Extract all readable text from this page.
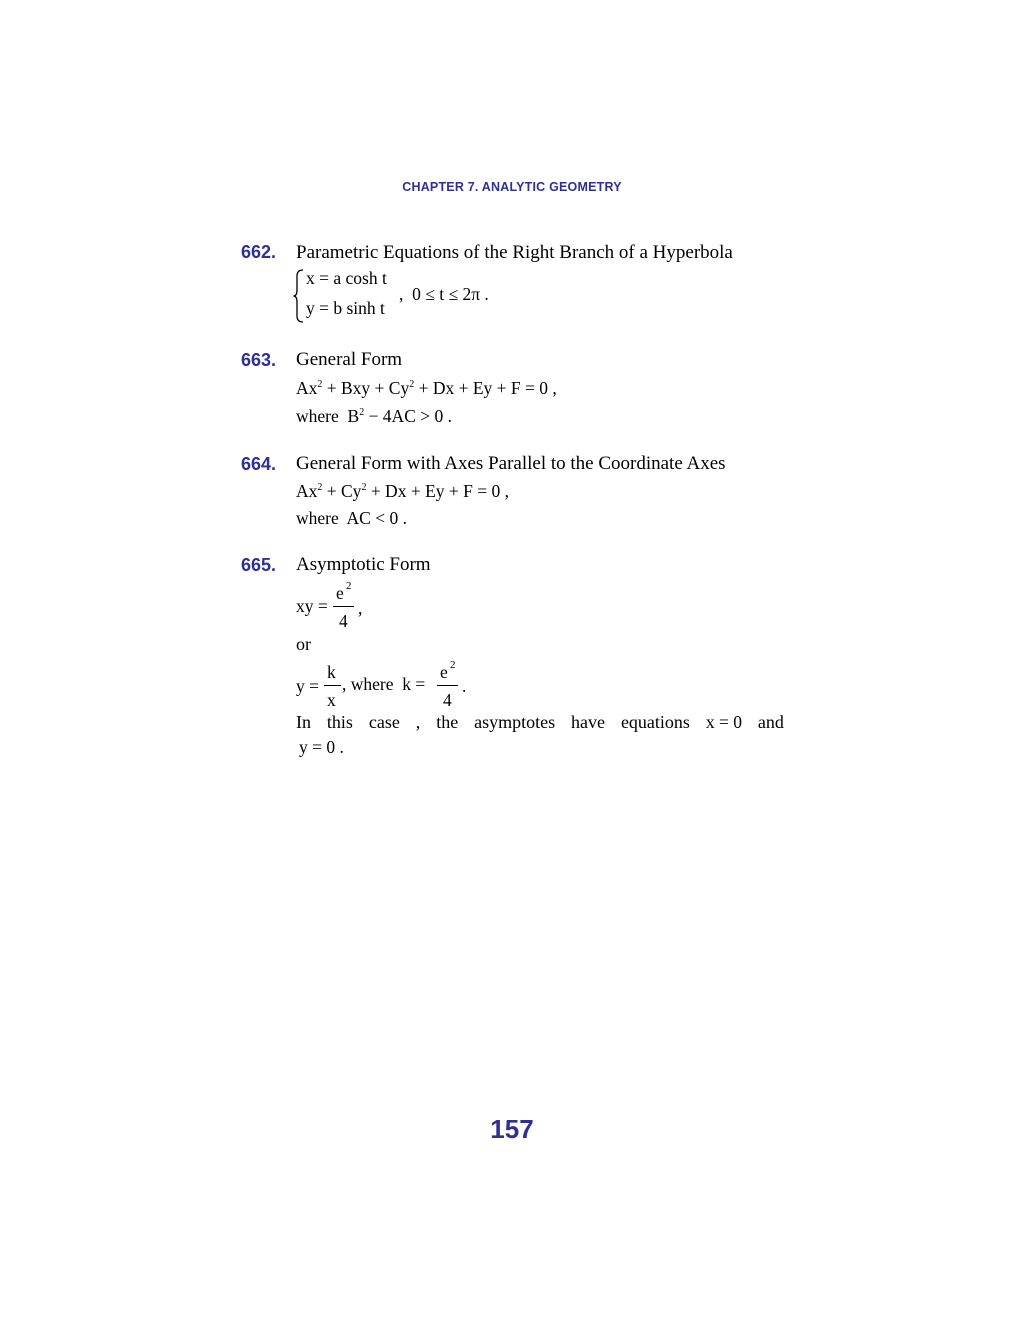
CHAPTER 7. ANALYTIC GEOMETRY
662. Parametric Equations of the Right Branch of a Hyperbola
x = a cosh t
y = b sinh t
,  0 ≤ t ≤ 2π .
663. General Form
$Ax^2$ + Bxy + $Cy^2 + Dx + Ey + F = 0$ ,
where  $B^2 - 4AC > 0$ .
664. General Form with Axes Parallel to the Coordinate Axes
$Ax^2 + Cy^2 + Dx + Ey + F = 0$ ,
where  AC < 0 .
665. Asymptotic Form
xy =
e 2
4
,
or
y =
k
x
, where  k =
e 2
4
.
In this case , the asymptotes have equations x = 0 and
y = 0 .
157
